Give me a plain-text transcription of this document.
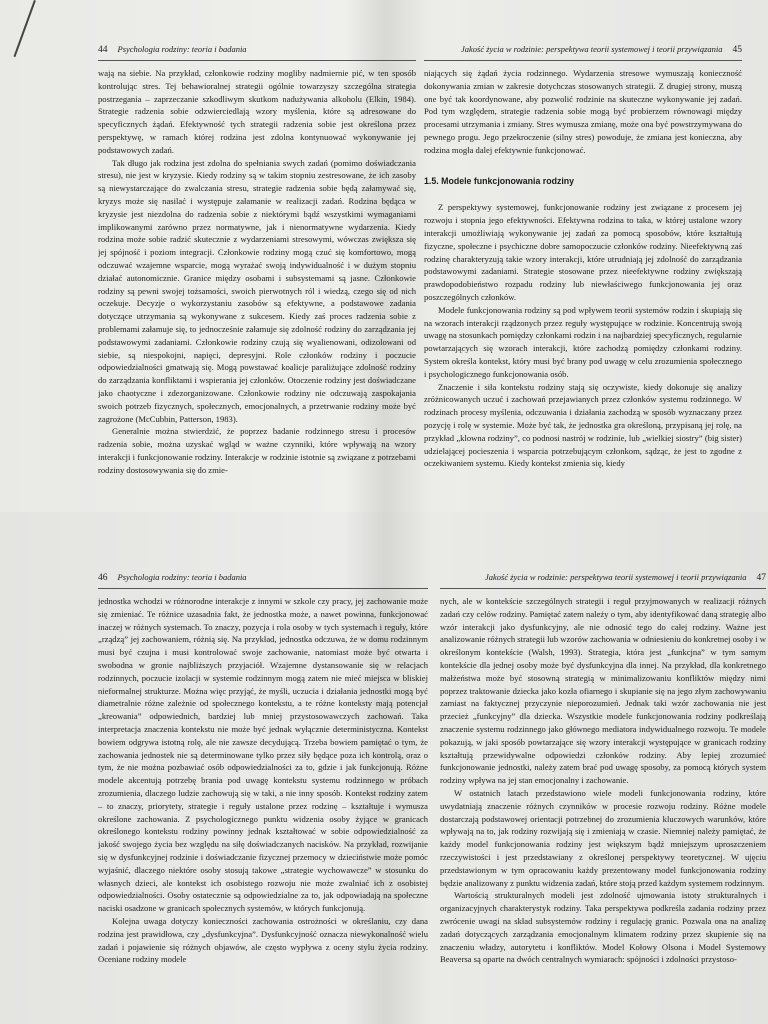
44 Psychologia rodziny: teoria i badania

wają na siebie. Na przykład, członkowie rodziny mogliby nadmiernie pić, w ten sposób kontrolując stres. Tej behawioralnej strategii ogólnie towarzyszy szczególna strategia postrzegania – zaprzeczanie szkodliwym skutkom nadużywania alkoholu (Elkin, 1984). Strategie radzenia sobie odzwierciedlają wzory myślenia, które są adresowane do specyficznych żądań. Efektywność tych strategii radzenia sobie jest określona przez perspektywę, w ramach której rodzina jest zdolna kontynuować wykonywanie jej podstawowych zadań.

Tak długo jak rodzina jest zdolna do spełniania swych zadań (pomimo doświadczania stresu), nie jest w kryzysie. Kiedy rodziny są w takim stopniu zestresowane, że ich zasoby są niewystarczające do zwalczania stresu, strategie radzenia sobie będą załamywać się, kryzys może się nasilać i występuje załamanie w realizacji zadań. Rodzina będąca w kryzysie jest niezdolna do radzenia sobie z niektórymi bądź wszystkimi wymaganiami implikowanymi zarówno przez normatywne, jak i nienormatywne wydarzenia. Kiedy rodzina może sobie radzić skutecznie z wydarzeniami stresowymi, wówczas zwiększa się jej spójność i poziom integracji. Członkowie rodziny mogą czuć się komfortowo, mogą odczuwać wzajemne wsparcie, mogą wyrażać swoją indywidualność i w dużym stopniu działać autonomicznie. Granice między osobami i subsystemami są jasne. Członkowie rodziny są pewni swojej tożsamości, swoich pierwotnych ról i wiedzą, czego się od nich oczekuje. Decyzje o wykorzystaniu zasobów są efektywne, a podstawowe zadania dotyczące utrzymania są wykonywane z sukcesem. Kiedy zaś proces radzenia sobie z problemami załamuje się, to jednocześnie załamuje się zdolność rodziny do zarządzania jej podstawowymi zadaniami. Członkowie rodziny czują się wyalienowani, odizolowani od siebie, są niespokojni, napięci, depresyjni. Role członków rodziny i poczucie odpowiedzialności gmatwają się. Mogą powstawać koalicje paraliżujące zdolność rodziny do zarządzania konfliktami i wspierania jej członków. Otoczenie rodziny jest doświadczane jako chaotyczne i zdezorganizowane. Członkowie rodziny nie odczuwają zaspokajania swoich potrzeb fizycznych, społecznych, emocjonalnych, a przetrwanie rodziny może być zagrożone (McCubbin, Patterson, 1983).

Generalnie można stwierdzić, że poprzez badanie rodzinnego stresu i procesów radzenia sobie, można uzyskać wgląd w ważne czynniki, które wpływają na wzory interakcji i funkcjonowanie rodziny. Interakcje w rodzinie istotnie są związane z potrzebami rodziny dostosowywania się do zmie-

Jakość życia w rodzinie: perspektywa teorii systemowej i teorii przywiązania 45

niających się żądań życia rodzinnego. Wydarzenia stresowe wymuszają konieczność dokonywania zmian w zakresie dotychczas stosowanych strategii. Z drugiej strony, muszą one być tak koordynowane, aby pozwolić rodzinie na skuteczne wykonywanie jej zadań. Pod tym względem, strategie radzenia sobie mogą być probierzem równowagi między procesami utrzymania i zmiany. Stres wymusza zmianę, może ona być powstrzymywana do pewnego progu. Jego przekroczenie (silny stres) powoduje, że zmiana jest konieczna, aby rodzina mogła dalej efektywnie funkcjonować.

1.5. Modele funkcjonowania rodziny

Z perspektywy systemowej, funkcjonowanie rodziny jest związane z procesem jej rozwoju i stopnia jego efektywności. Efektywna rodzina to taka, w której ustalone wzory interakcji umożliwiają wykonywanie jej zadań za pomocą sposobów, które kształtują fizyczne, społeczne i psychiczne dobre samopoczucie członków rodziny. Nieefektywną zaś rodzinę charakteryzują takie wzory interakcji, które utrudniają jej zdolność do zarządzania podstawowymi zadaniami. Strategie stosowane przez nieefektywne rodziny zwiększają prawdopodobieństwo rozpadu rodziny lub niewłaściwego funkcjonowania jej oraz poszczególnych członków.

Modele funkcjonowania rodziny są pod wpływem teorii systemów rodzin i skupiają się na wzorach interakcji rządzonych przez reguły występujące w rodzinie. Koncentrują swoją uwagę na stosunkach pomiędzy członkami rodzin i na najbardziej specyficznych, regularnie powtarzających się wzorach interakcji, które zachodzą pomiędzy członkami rodziny. System określa kontekst, który musi być brany pod uwagę w celu zrozumienia społecznego i psychologicznego funkcjonowania osób.

Znaczenie i siła kontekstu rodziny stają się oczywiste, kiedy dokonuje się analizy zróżnicowanych uczuć i zachowań przejawianych przez członków systemu rodzinnego. W rodzinach procesy myślenia, odczuwania i działania zachodzą w sposób wyznaczany przez pozycję i rolę w systemie. Może być tak, że jednostka gra określoną, przypisaną jej rolę, na przykład „klowna rodziny”, co podnosi nastrój w rodzinie, lub „wielkiej siostry” (big sister) udzielającej pocieszenia i wsparcia potrzebującym członkom, sądząc, że jest to zgodne z oczekiwaniem systemu. Kiedy kontekst zmienia się, kiedy

46 Psychologia rodziny: teoria i badania

jednostka wchodzi w różnorodne interakcje z innymi w szkole czy pracy, jej zachowanie może się zmieniać. Te różnice uzasadnia fakt, że jednostka może, a nawet powinna, funkcjonować inaczej w różnych systemach. To znaczy, pozycja i rola osoby w tych systemach i reguły, które „rządzą” jej zachowaniem, różnią się. Na przykład, jednostka odczuwa, że w domu rodzinnym musi być czujna i musi kontrolować swoje zachowanie, natomiast może być otwarta i swobodna w gronie najbliższych przyjaciół. Wzajemne dystansowanie się w relacjach rodzinnych, poczucie izolacji w systemie rodzinnym mogą zatem nie mieć miejsca w bliskiej nieformalnej strukturze. Można więc przyjąć, że myśli, uczucia i działania jednostki mogą być diametralnie różne zależnie od społecznego kontekstu, a te różne konteksty mają potencjał „kreowania” odpowiednich, bardziej lub mniej przystosowawczych zachowań. Taka interpretacja znaczenia kontekstu nie może być jednak wyłącznie deterministyczna. Kontekst bowiem odgrywa istotną rolę, ale nie zawsze decydującą. Trzeba bowiem pamiętać o tym, że zachowania jednostek nie są determinowane tylko przez siły będące poza ich kontrolą, oraz o tym, że nie można pozbawiać osób odpowiedzialności za to, gdzie i jak funkcjonują. Różne modele akcentują potrzebę brania pod uwagę kontekstu systemu rodzinnego w próbach zrozumienia, dlaczego ludzie zachowują się w taki, a nie inny sposób. Kontekst rodziny zatem – to znaczy, priorytety, strategie i reguły ustalone przez rodzinę – kształtuje i wymusza określone zachowania. Z psychologicznego punktu widzenia osoby żyjące w granicach określonego kontekstu rodziny powinny jednak kształtować w sobie odpowiedzialność za jakość swojego życia bez względu na siłę doświadczanych nacisków. Na przykład, rozwijanie się w dysfunkcyjnej rodzinie i doświadczanie fizycznej przemocy w dzieciństwie może pomóc wyjaśnić, dlaczego niektóre osoby stosują takowe „strategie wychowawcze” w stosunku do własnych dzieci, ale kontekst ich osobistego rozwoju nie może zwalniać ich z osobistej odpowiedzialności. Osoby ostatecznie są odpowiedzialne za to, jak odpowiadają na społeczne naciski osadzone w granicach społecznych systemów, w których funkcjonują.

Kolejna uwaga dotyczy konieczności zachowania ostrożności w określaniu, czy dana rodzina jest prawidłowa, czy „dysfunkcyjna”. Dysfunkcyjność oznacza niewykonalność wielu zadań i pojawienie się różnych objawów, ale często wypływa z oceny stylu życia rodziny. Oceniane rodziny modele

Jakość życia w rodzinie: perspektywa teorii systemowej i teorii przywiązania 47

nych, ale w kontekście szczególnych strategii i reguł przyjmowanych w realizacji różnych zadań czy celów rodziny. Pamiętać zatem należy o tym, aby identyfikować daną strategię albo wzór interakcji jako dysfunkcyjny, ale nie odnosić tego do całej rodziny. Ważne jest analizowanie różnych strategii lub wzorów zachowania w odniesieniu do konkretnej osoby i w określonym kontekście (Walsh, 1993). Strategia, która jest „funkcjna” w tym samym kontekście dla jednej osoby może być dysfunkcyjna dla innej. Na przykład, dla konkretnego małżeństwa może być stosowną strategią w minimalizowaniu konfliktów między nimi poprzez traktowanie dziecka jako kozła ofiarnego i skupianie się na jego złym zachowywaniu zamiast na faktycznej przyczynie nieporozumień. Jednak taki wzór zachowania nie jest przecież „funkcyjny” dla dziecka. Wszystkie modele funkcjonowania rodziny podkreślają znaczenie systemu rodzinnego jako głównego mediatora indywidualnego rozwoju. Te modele pokazują, w jaki sposób powtarzające się wzory interakcji występujące w granicach rodziny kształtują przewidywalne odpowiedzi członków rodziny. Aby lepiej zrozumieć funkcjonowanie jednostki, należy zatem brać pod uwagę sposoby, za pomocą których system rodziny wpływa na jej stan emocjonalny i zachowanie.

W ostatnich latach przedstawiono wiele modeli funkcjonowania rodziny, które uwydatniają znaczenie różnych czynników w procesie rozwoju rodziny. Różne modele dostarczają podstawowej orientacji potrzebnej do zrozumienia kluczowych warunków, które wpływają na to, jak rodziny rozwijają się i zmieniają w czasie. Niemniej należy pamiętać, że każdy model funkcjonowania rodziny jest większym bądź mniejszym uproszczeniem rzeczywistości i jest przedstawiany z określonej perspektywy teoretycznej. W ujęciu przedstawionym w tym opracowaniu każdy prezentowany model funkcjonowania rodziny będzie analizowany z punktu widzenia zadań, które stoją przed każdym systemem rodzinnym.

Wartością strukturalnych modeli jest zdolność ujmowania istoty strukturalnych i organizacyjnych charakterystyk rodziny. Taka perspektywa podkreśla zadania rodziny przez zwrócenie uwagi na skład subsystemów rodziny i regulację granic. Pozwala ona na analizę zadań dotyczących zarządzania emocjonalnym klimatem rodziny przez skupienie się na znaczeniu władzy, autorytetu i konfliktów. Model Kołowy Olsona i Model Systemowy Beaversa są oparte na dwóch centralnych wymiarach: spójności i zdolności przystoso-
